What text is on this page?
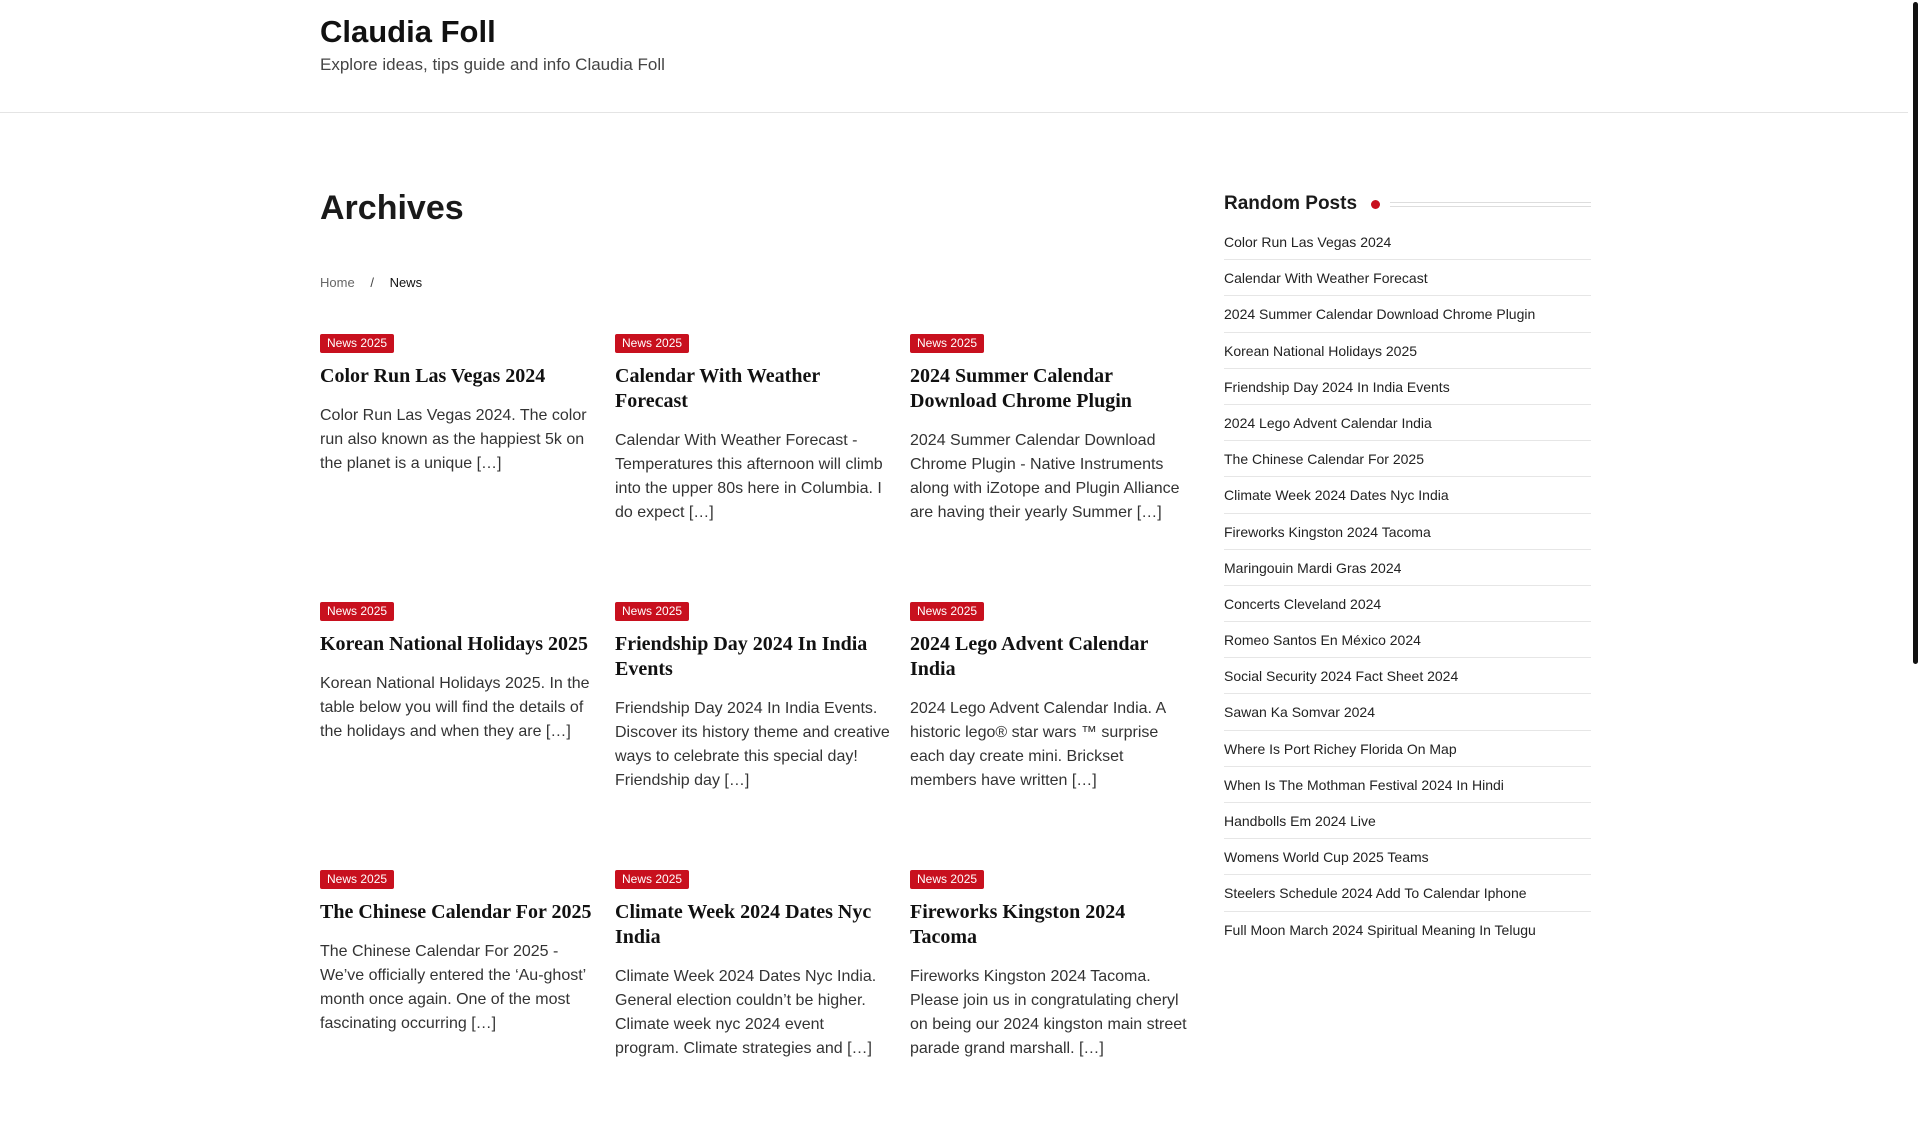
Claudia Foll

Explore ideas, tips guide and info Claudia Foll

Archives
Home / News
News 2025
Color Run Las Vegas 2024

Color Run Las Vegas 2024. The color run also known as the happiest 5k on the planet is a unique […]

News 2025
Calendar With Weather Forecast

Calendar With Weather Forecast - Temperatures this afternoon will climb into the upper 80s here in Columbia. I do expect […]

News 2025
2024 Summer Calendar Download Chrome Plugin

2024 Summer Calendar Download Chrome Plugin - Native Instruments along with iZotope and Plugin Alliance are having their yearly Summer […]

News 2025
Korean National Holidays 2025

Korean National Holidays 2025. In the table below you will find the details of the holidays and when they are […]

News 2025
Friendship Day 2024 In India Events

Friendship Day 2024 In India Events. Discover its history theme and creative ways to celebrate this special day! Friendship day […]

News 2025
2024 Lego Advent Calendar India

2024 Lego Advent Calendar India. A historic lego® star wars ™ surprise each day create mini. Brickset members have written […]

News 2025
The Chinese Calendar For 2025

The Chinese Calendar For 2025 - We’ve officially entered the ‘Au-ghost’ month once again. One of the most fascinating occurring […]

News 2025
Climate Week 2024 Dates Nyc India

Climate Week 2024 Dates Nyc India. General election couldn’t be higher. Climate week nyc 2024 event program. Climate strategies and […]

News 2025
Fireworks Kingston 2024 Tacoma

Fireworks Kingston 2024 Tacoma. Please join us in congratulating cheryl on being our 2024 kingston main street parade grand marshall. […]

Random Posts
Color Run Las Vegas 2024
Calendar With Weather Forecast
2024 Summer Calendar Download Chrome Plugin
Korean National Holidays 2025
Friendship Day 2024 In India Events
2024 Lego Advent Calendar India
The Chinese Calendar For 2025
Climate Week 2024 Dates Nyc India
Fireworks Kingston 2024 Tacoma
Maringouin Mardi Gras 2024
Concerts Cleveland 2024
Romeo Santos En México 2024
Social Security 2024 Fact Sheet 2024
Sawan Ka Somvar 2024
Where Is Port Richey Florida On Map
When Is The Mothman Festival 2024 In Hindi
Handbolls Em 2024 Live
Womens World Cup 2025 Teams
Steelers Schedule 2024 Add To Calendar Iphone
Full Moon March 2024 Spiritual Meaning In Telugu
